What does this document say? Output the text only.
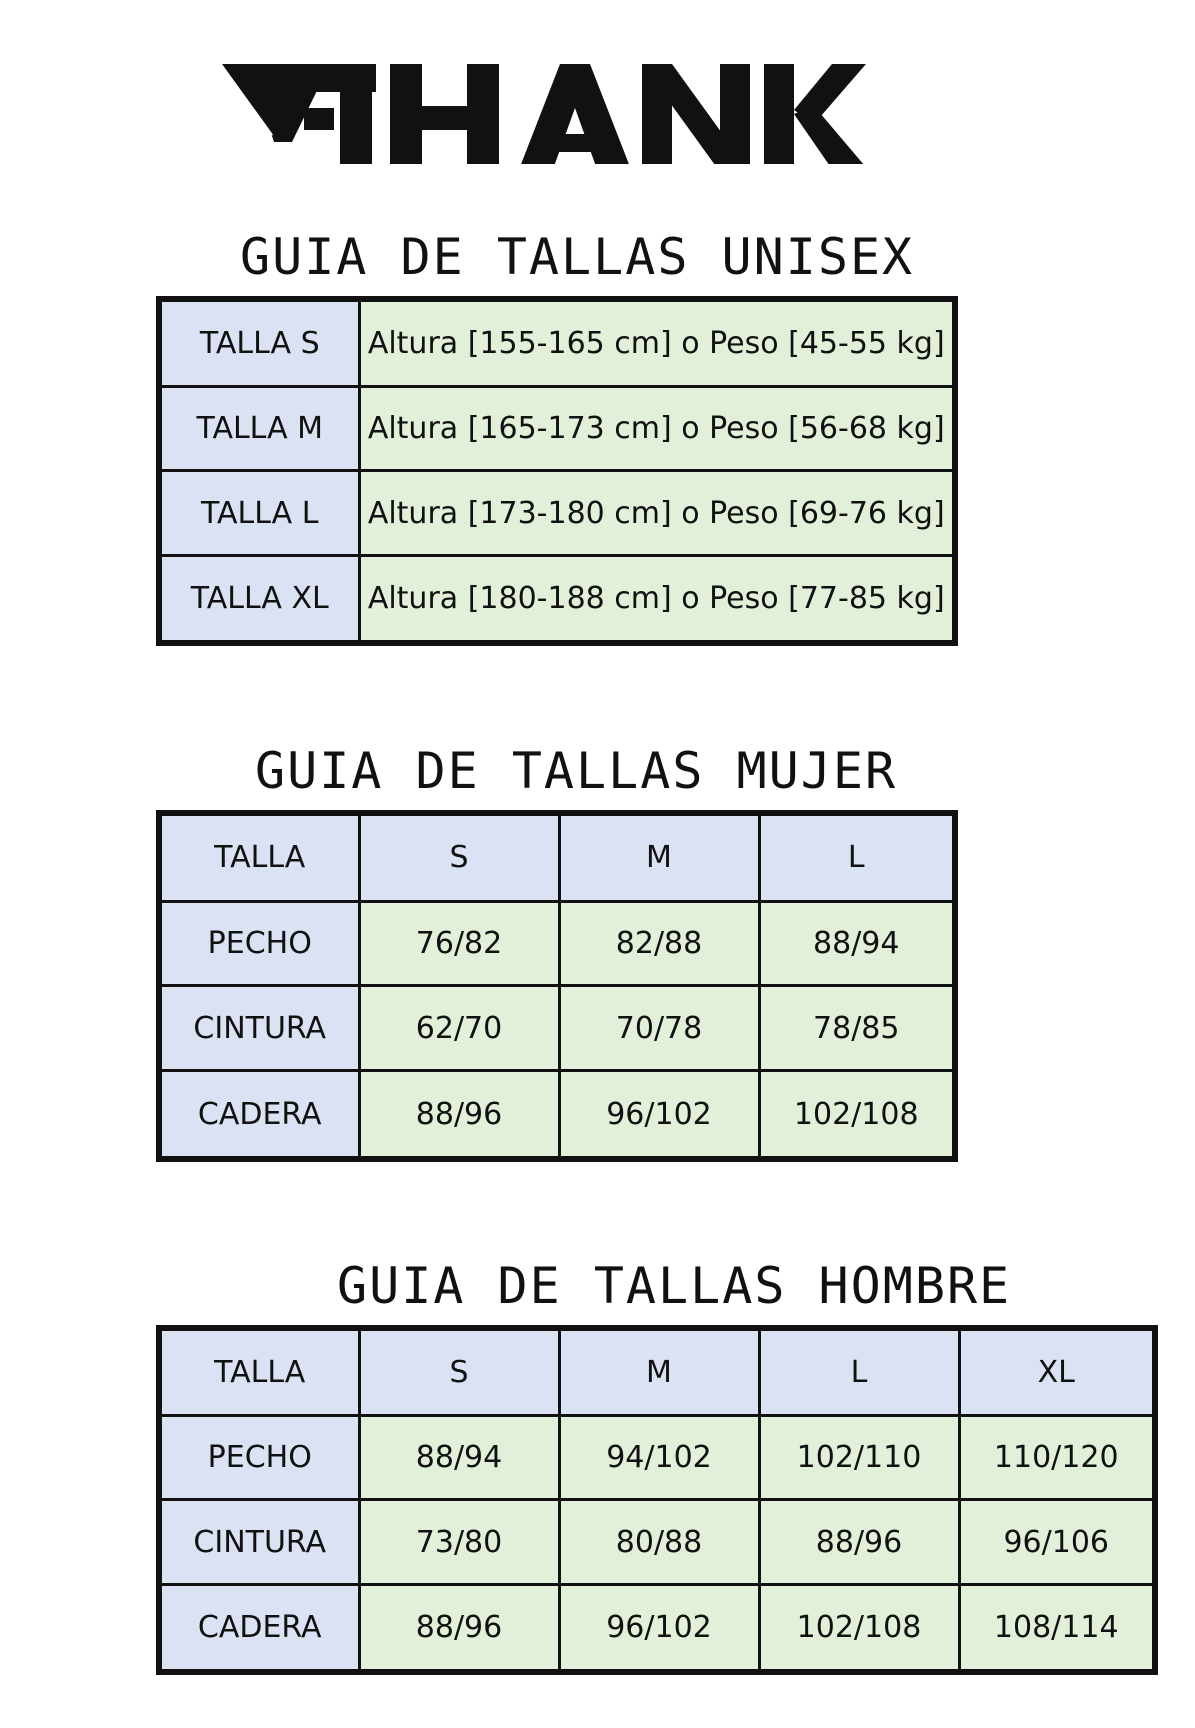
GUIA DE TALLAS UNISEX
TALLA S	Altura [155-165 cm] o Peso [45-55 kg]
TALLA M	Altura [165-173 cm] o Peso [56-68 kg]
TALLA L	Altura [173-180 cm] o Peso [69-76 kg]
TALLA XL	Altura [180-188 cm] o Peso [77-85 kg]
GUIA DE TALLAS MUJER
TALLA	S	M	L
PECHO	76/82	82/88	88/94
CINTURA	62/70	70/78	78/85
CADERA	88/96	96/102	102/108
GUIA DE TALLAS HOMBRE
TALLA	S	M	L	XL
PECHO	88/94	94/102	102/110	110/120
CINTURA	73/80	80/88	88/96	96/106
CADERA	88/96	96/102	102/108	108/114
